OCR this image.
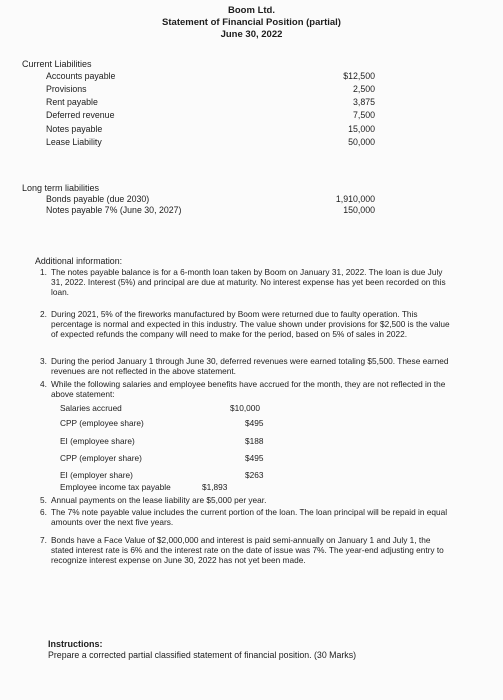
Boom Ltd.
Statement of Financial Position (partial)
June 30, 2022
Current Liabilities
Accounts payable	$12,500
Provisions	2,500
Rent payable	3,875
Deferred revenue	7,500
Notes payable	15,000
Lease Liability	50,000
Long term liabilities
Bonds payable (due 2030)	1,910,000
Notes payable 7% (June 30, 2027)	150,000
Additional information:
1. The notes payable balance is for a 6-month loan taken by Boom on January 31, 2022. The loan is due July 31, 2022. Interest (5%) and principal are due at maturity. No interest expense has yet been recorded on this loan.
2. During 2021, 5% of the fireworks manufactured by Boom were returned due to faulty operation. This percentage is normal and expected in this industry. The value shown under provisions for $2,500 is the value of expected refunds the company will need to make for the period, based on 5% of sales in 2022.
3. During the period January 1 through June 30, deferred revenues were earned totaling $5,500. These earned revenues are not reflected in the above statement.
4. While the following salaries and employee benefits have accrued for the month, they are not reflected in the above statement:
Salaries accrued	$10,000
CPP (employee share)	$495
EI (employee share)	$188
CPP (employer share)	$495
EI (employer share)	$263
Employee income tax payable	$1,893
5. Annual payments on the lease liability are $5,000 per year.
6. The 7% note payable value includes the current portion of the loan. The loan principal will be repaid in equal amounts over the next five years.
7. Bonds have a Face Value of $2,000,000 and interest is paid semi-annually on January 1 and July 1, the stated interest rate is 6% and the interest rate on the date of issue was 7%. The year-end adjusting entry to recognize interest expense on June 30, 2022 has not yet been made.
Instructions:
Prepare a corrected partial classified statement of financial position. (30 Marks)
